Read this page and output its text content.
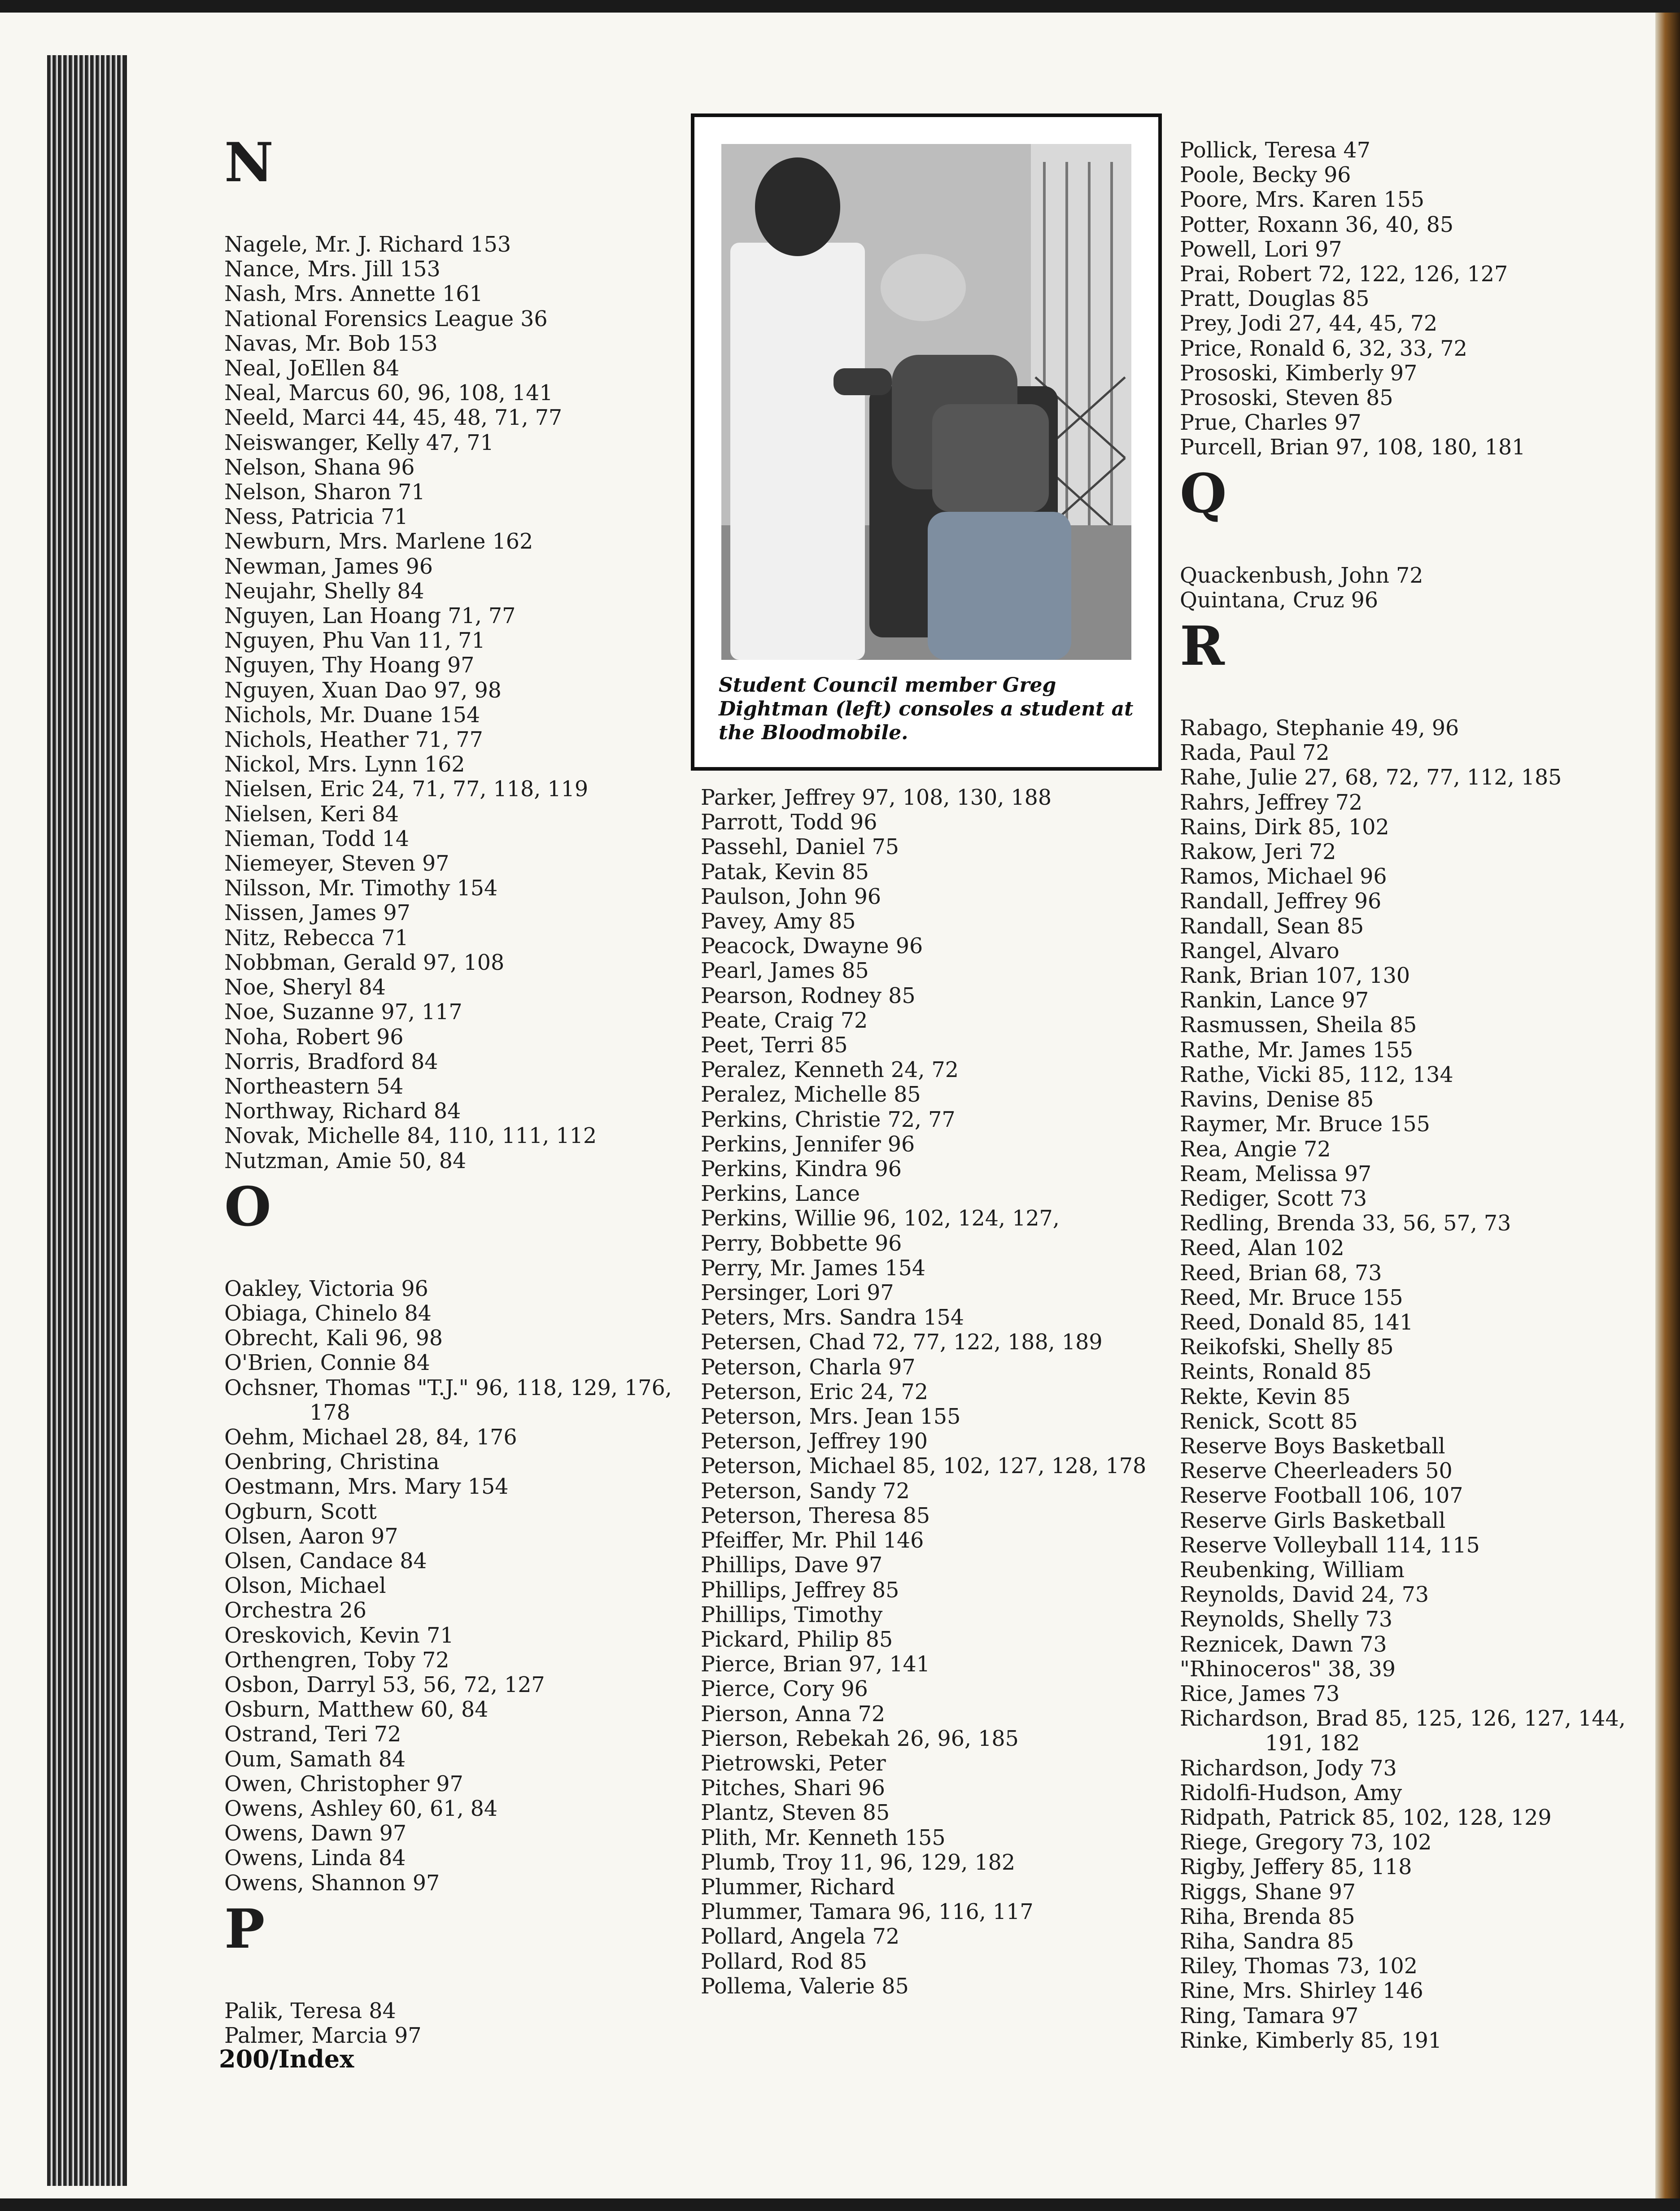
N
Nagele, Mr. J. Richard 153
Nance, Mrs. Jill 153
Nash, Mrs. Annette 161
National Forensics League 36
Navas, Mr. Bob 153
Neal, JoEllen 84
Neal, Marcus 60, 96, 108, 141
Neeld, Marci 44, 45, 48, 71, 77
Neiswanger, Kelly 47, 71
Nelson, Shana 96
Nelson, Sharon 71
Ness, Patricia 71
Newburn, Mrs. Marlene 162
Newman, James 96
Neujahr, Shelly 84
Nguyen, Lan Hoang 71, 77
Nguyen, Phu Van 11, 71
Nguyen, Thy Hoang 97
Nguyen, Xuan Dao 97, 98
Nichols, Mr. Duane 154
Nichols, Heather 71, 77
Nickol, Mrs. Lynn 162
Nielsen, Eric 24, 71, 77, 118, 119
Nielsen, Keri 84
Nieman, Todd 14
Niemeyer, Steven 97
Nilsson, Mr. Timothy 154
Nissen, James 97
Nitz, Rebecca 71
Nobbman, Gerald 97, 108
Noe, Sheryl 84
Noe, Suzanne 97, 117
Noha, Robert 96
Norris, Bradford 84
Northeastern 54
Northway, Richard 84
Novak, Michelle 84, 110, 111, 112
Nutzman, Amie 50, 84
O
Oakley, Victoria 96
Obiaga, Chinelo 84
Obrecht, Kali 96, 98
O'Brien, Connie 84
Ochsner, Thomas "T.J." 96, 118, 129, 176,
178
Oehm, Michael 28, 84, 176
Oenbring, Christina
Oestmann, Mrs. Mary 154
Ogburn, Scott
Olsen, Aaron 97
Olsen, Candace 84
Olson, Michael
Orchestra 26
Oreskovich, Kevin 71
Orthengren, Toby 72
Osbon, Darryl 53, 56, 72, 127
Osburn, Matthew 60, 84
Ostrand, Teri 72
Oum, Samath 84
Owen, Christopher 97
Owens, Ashley 60, 61, 84
Owens, Dawn 97
Owens, Linda 84
Owens, Shannon 97
P
Palik, Teresa 84
Palmer, Marcia 97
Student Council member Greg Dightman (left) consoles a student at the Bloodmobile.
Parker, Jeffrey 97, 108, 130, 188
Parrott, Todd 96
Passehl, Daniel 75
Patak, Kevin 85
Paulson, John 96
Pavey, Amy 85
Peacock, Dwayne 96
Pearl, James 85
Pearson, Rodney 85
Peate, Craig 72
Peet, Terri 85
Peralez, Kenneth 24, 72
Peralez, Michelle 85
Perkins, Christie 72, 77
Perkins, Jennifer 96
Perkins, Kindra 96
Perkins, Lance
Perkins, Willie 96, 102, 124, 127,
Perry, Bobbette 96
Perry, Mr. James 154
Persinger, Lori 97
Peters, Mrs. Sandra 154
Petersen, Chad 72, 77, 122, 188, 189
Peterson, Charla 97
Peterson, Eric 24, 72
Peterson, Mrs. Jean 155
Peterson, Jeffrey 190
Peterson, Michael 85, 102, 127, 128, 178
Peterson, Sandy 72
Peterson, Theresa 85
Pfeiffer, Mr. Phil 146
Phillips, Dave 97
Phillips, Jeffrey 85
Phillips, Timothy
Pickard, Philip 85
Pierce, Brian 97, 141
Pierce, Cory 96
Pierson, Anna 72
Pierson, Rebekah 26, 96, 185
Pietrowski, Peter
Pitches, Shari 96
Plantz, Steven 85
Plith, Mr. Kenneth 155
Plumb, Troy 11, 96, 129, 182
Plummer, Richard
Plummer, Tamara 96, 116, 117
Pollard, Angela 72
Pollard, Rod 85
Pollema, Valerie 85
Pollick, Teresa 47
Poole, Becky 96
Poore, Mrs. Karen 155
Potter, Roxann 36, 40, 85
Powell, Lori 97
Prai, Robert 72, 122, 126, 127
Pratt, Douglas 85
Prey, Jodi 27, 44, 45, 72
Price, Ronald 6, 32, 33, 72
Prososki, Kimberly 97
Prososki, Steven 85
Prue, Charles 97
Purcell, Brian 97, 108, 180, 181
Q
Quackenbush, John 72
Quintana, Cruz 96
R
Rabago, Stephanie 49, 96
Rada, Paul 72
Rahe, Julie 27, 68, 72, 77, 112, 185
Rahrs, Jeffrey 72
Rains, Dirk 85, 102
Rakow, Jeri 72
Ramos, Michael 96
Randall, Jeffrey 96
Randall, Sean 85
Rangel, Alvaro
Rank, Brian 107, 130
Rankin, Lance 97
Rasmussen, Sheila 85
Rathe, Mr. James 155
Rathe, Vicki 85, 112, 134
Ravins, Denise 85
Raymer, Mr. Bruce 155
Rea, Angie 72
Ream, Melissa 97
Rediger, Scott 73
Redling, Brenda 33, 56, 57, 73
Reed, Alan 102
Reed, Brian 68, 73
Reed, Mr. Bruce 155
Reed, Donald 85, 141
Reikofski, Shelly 85
Reints, Ronald 85
Rekte, Kevin 85
Renick, Scott 85
Reserve Boys Basketball
Reserve Cheerleaders 50
Reserve Football 106, 107
Reserve Girls Basketball
Reserve Volleyball 114, 115
Reubenking, William
Reynolds, David 24, 73
Reynolds, Shelly 73
Reznicek, Dawn 73
"Rhinoceros" 38, 39
Rice, James 73
Richardson, Brad 85, 125, 126, 127, 144,
191, 182
Richardson, Jody 73
Ridolfi-Hudson, Amy
Ridpath, Patrick 85, 102, 128, 129
Riege, Gregory 73, 102
Rigby, Jeffery 85, 118
Riggs, Shane 97
Riha, Brenda 85
Riha, Sandra 85
Riley, Thomas 73, 102
Rine, Mrs. Shirley 146
Ring, Tamara 97
Rinke, Kimberly 85, 191
200/Index
